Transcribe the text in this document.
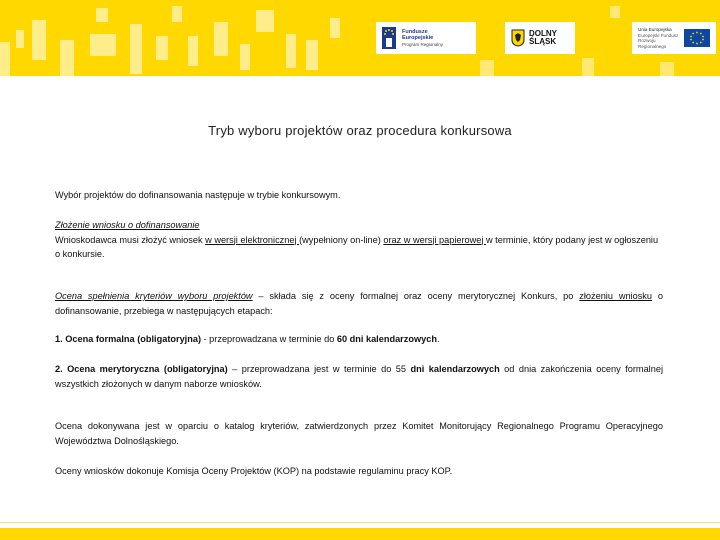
Fundusze
Europejskie
Program Regionalny
DOLNY
ŚLĄSK
Unia Europejska
Europejski Fundusz
Rozwoju Regionalnego
Tryb wyboru projektów oraz procedura konkursowa
Wybór projektów do dofinansowania następuje w trybie konkursowym.
Złożenie wniosku o dofinansowanie
Wnioskodawca musi złożyć wniosek w wersji elektronicznej (wypełniony on-line) oraz w wersji papierowej w terminie, który podany jest w ogłoszeniu o konkursie.
Ocena spełnienia kryteriów wyboru projektów – składa się z oceny formalnej oraz oceny merytorycznej Konkurs, po złożeniu wniosku o dofinansowanie, przebiega w następujących etapach:
1. Ocena formalna (obligatoryjna) - przeprowadzana w terminie do 60 dni kalendarzowych.
2. Ocena merytoryczna (obligatoryjna) – przeprowadzana jest w terminie do 55 dni kalendarzowych od dnia zakończenia oceny formalnej wszystkich złożonych w danym naborze wniosków.
Ocena dokonywana jest w oparciu o katalog kryteriów, zatwierdzonych przez Komitet Monitorujący Regionalnego Programu Operacyjnego Województwa Dolnośląskiego.
Oceny wniosków dokonuje Komisja Oceny Projektów (KOP) na podstawie regulaminu pracy KOP.
